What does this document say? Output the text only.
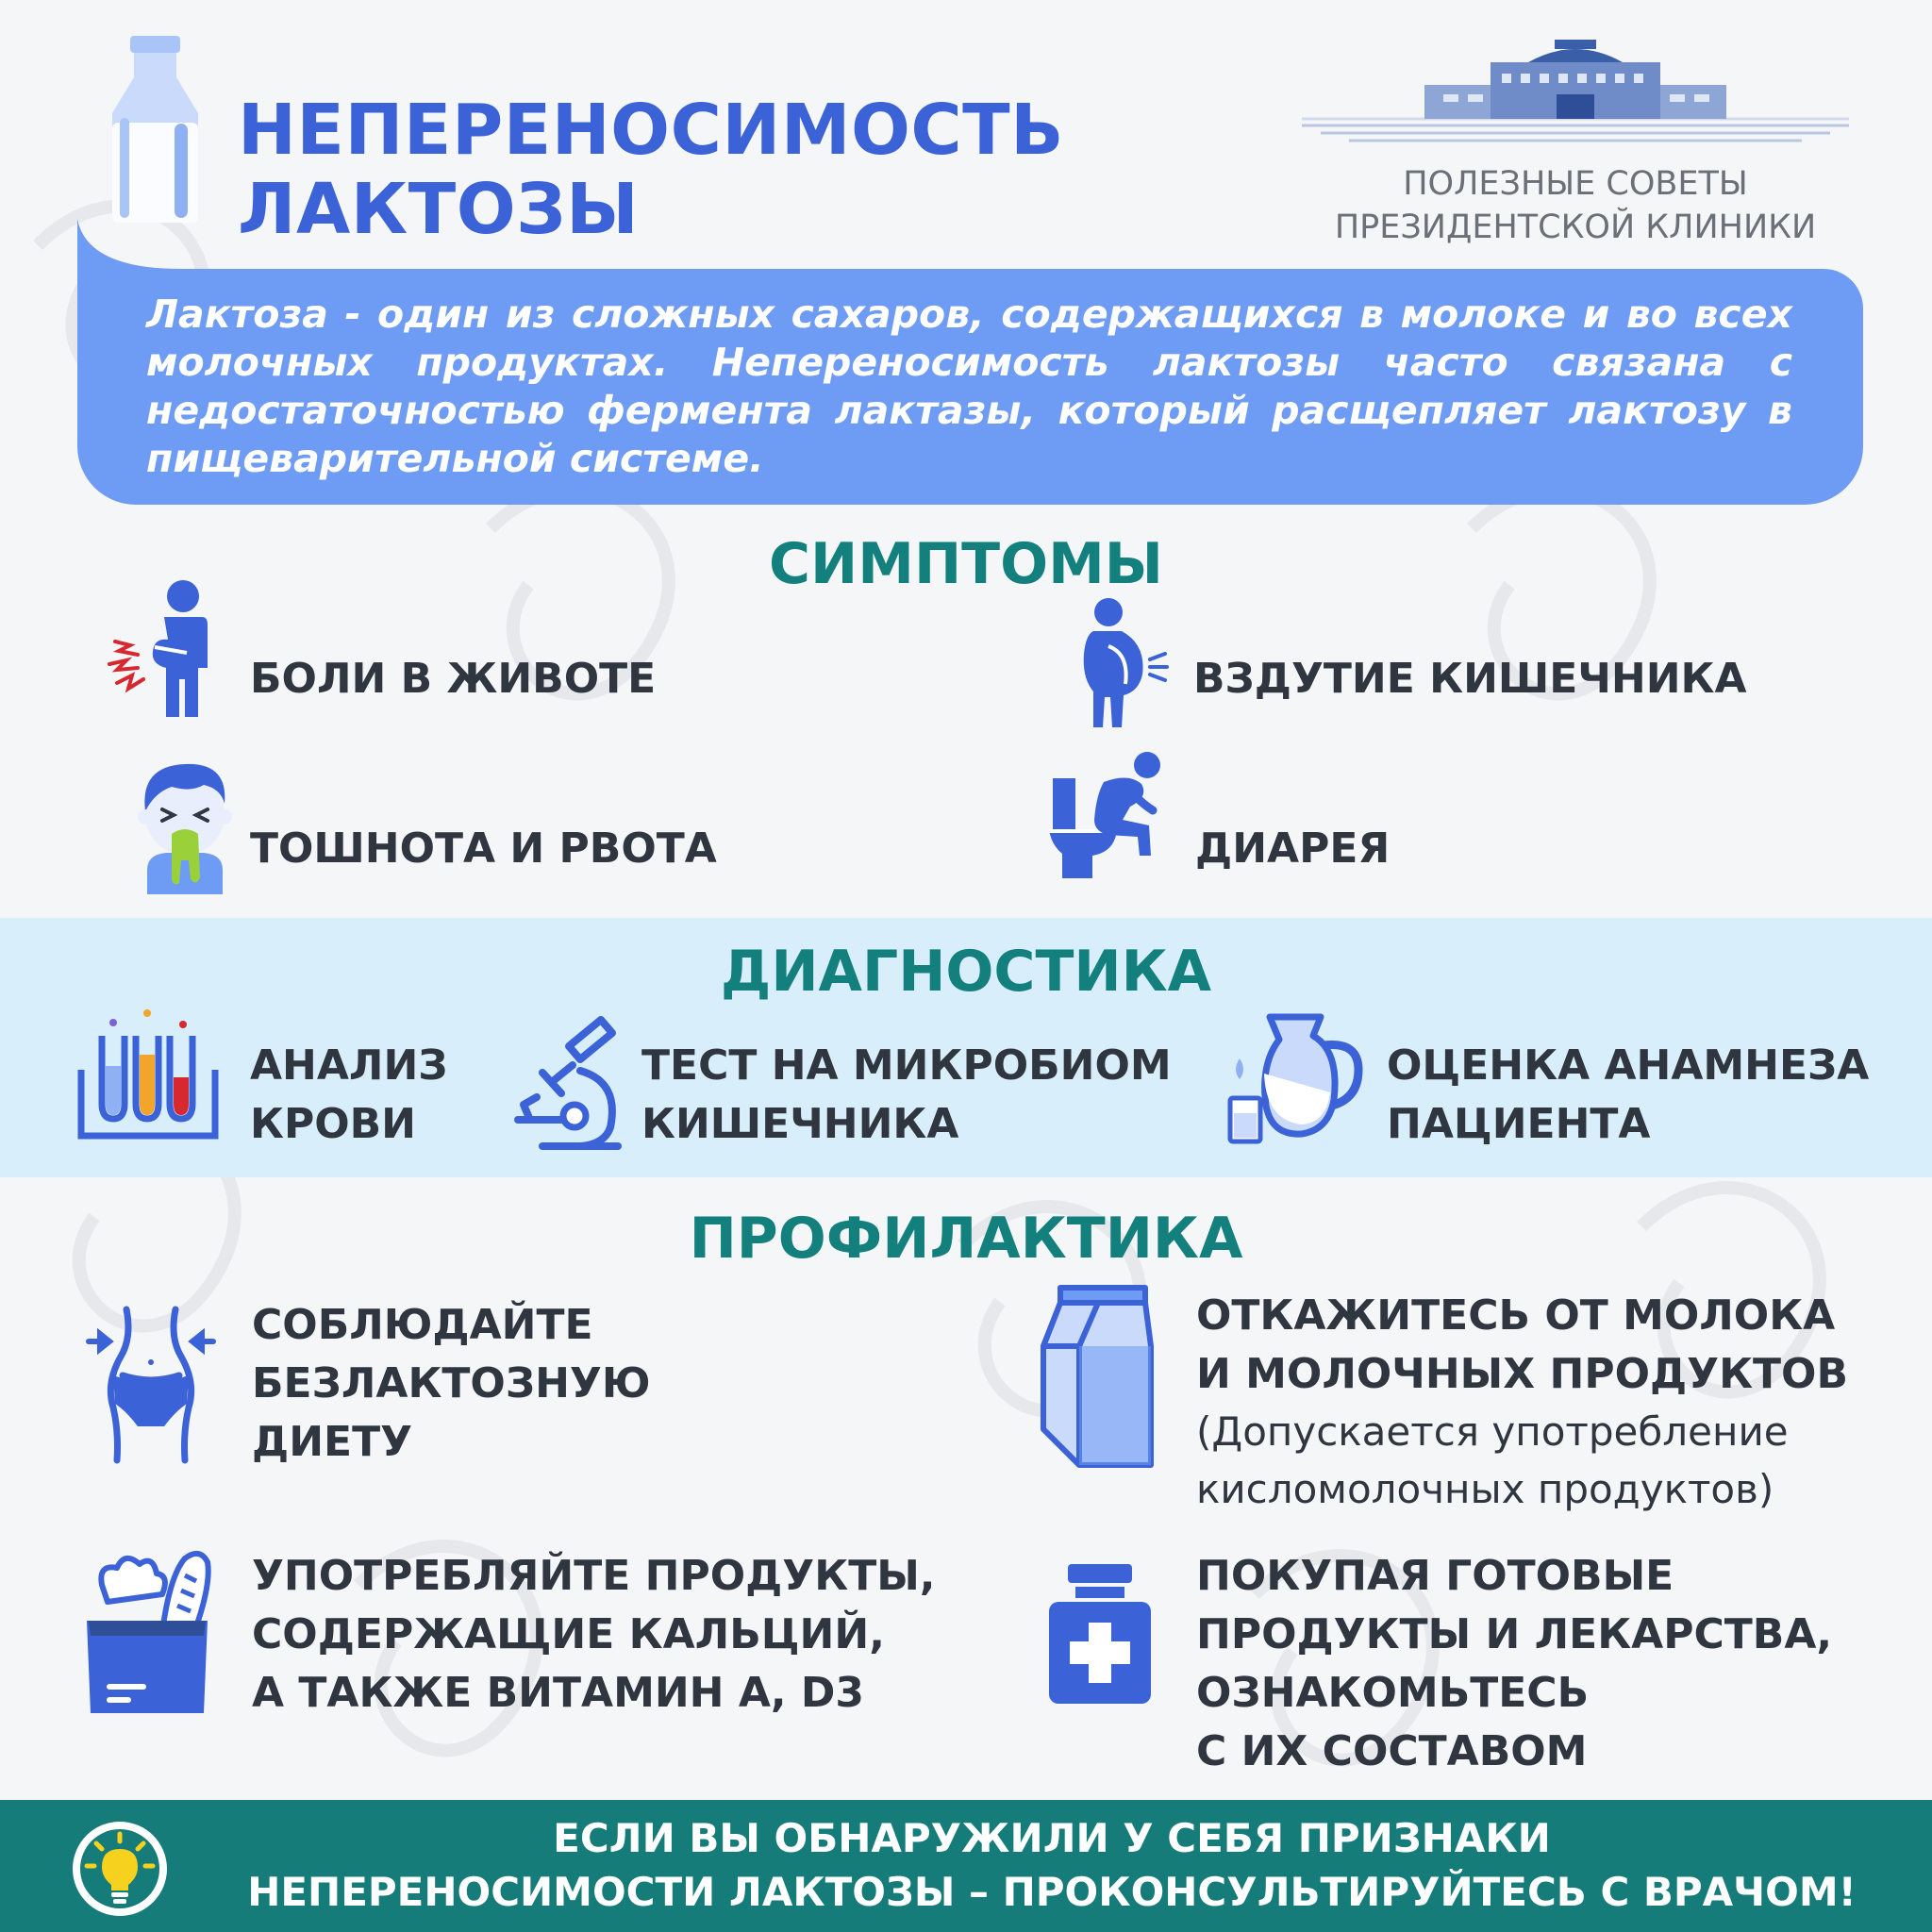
НЕПЕРЕНОСИМОСТЬ
ЛАКТОЗЫ	ПОЛЕЗНЫЕ СОВЕТЫ
ПРЕЗИДЕНТСКОЙ КЛИНИКИ
Лактоза - один из сложных сахаров, содержащихся в молоке и во всех молочных продуктах. Непереносимость лактозы часто связана с недостаточностью фермента лактазы, который расщепляет лактозу в пищеварительной системе.
СИМПТОМЫ
БОЛИ В ЖИВОТЕ	ВЗДУТИЕ КИШЕЧНИКА
ТОШНОТА И РВОТА	ДИАРЕЯ
ДИАГНОСТИКА
АНАЛИЗ
КРОВИ
ТЕСТ НА МИКРОБИОМ
КИШЕЧНИКА
ОЦЕНКА АНАМНЕЗА
ПАЦИЕНТА
ПРОФИЛАКТИКА
СОБЛЮДАЙТЕ
БЕЗЛАКТОЗНУЮ
ДИЕТУ
ОТКАЖИТЕСЬ ОТ МОЛОКА
И МОЛОЧНЫХ ПРОДУКТОВ
(Допускается употребление
кисломолочных продуктов)
УПОТРЕБЛЯЙТЕ ПРОДУКТЫ,
СОДЕРЖАЩИЕ КАЛЬЦИЙ,
А ТАКЖЕ ВИТАМИН А, D3
ПОКУПАЯ ГОТОВЫЕ
ПРОДУКТЫ И ЛЕКАРСТВА,
ОЗНАКОМЬТЕСЬ
С ИХ СОСТАВОМ
ЕСЛИ ВЫ ОБНАРУЖИЛИ У СЕБЯ ПРИЗНАКИ
НЕПЕРЕНОСИМОСТИ ЛАКТОЗЫ – ПРОКОНСУЛЬТИРУЙТЕСЬ С ВРАЧОМ!
